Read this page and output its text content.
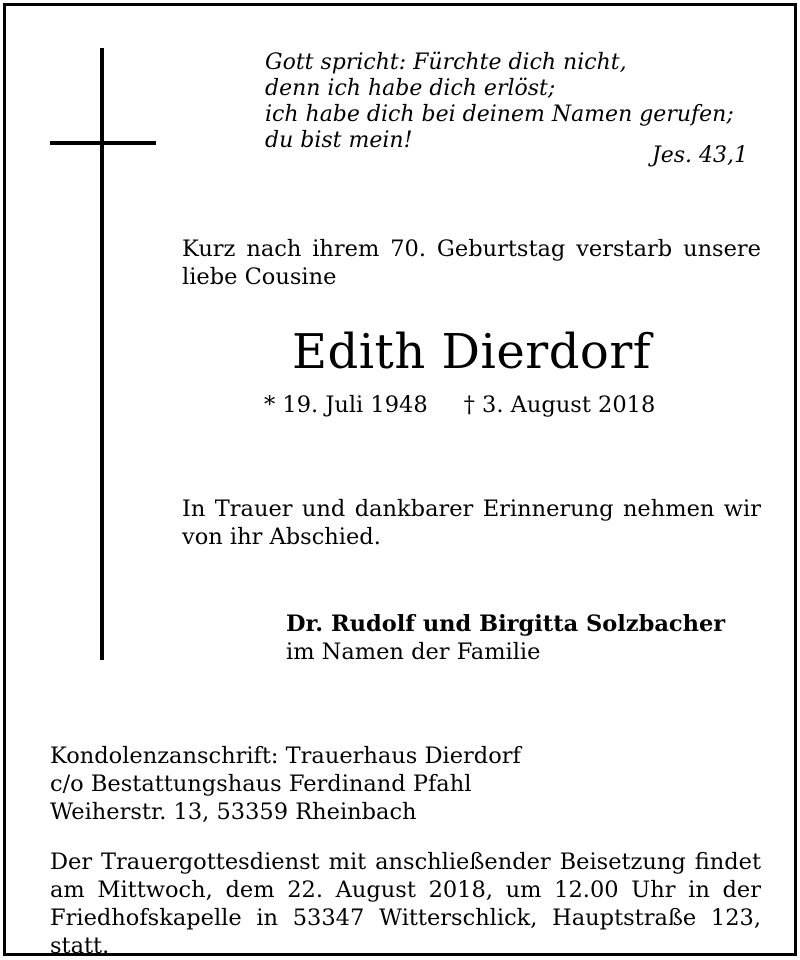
Gott spricht: Fürchte dich nicht,
denn ich habe dich erlöst;
ich habe dich bei deinem Namen gerufen;
du bist mein!
Jes. 43,1
Kurz nach ihrem 70. Geburtstag verstarb unsere liebe Cousine
Edith Dierdorf
* 19. Juli 1948 † 3. August 2018
In Trauer und dankbarer Erinnerung nehmen wir von ihr Abschied.
Dr. Rudolf und Birgitta Solzbacher
im Namen der Familie
Kondolenzanschrift: Trauerhaus Dierdorf
c/o Bestattungshaus Ferdinand Pfahl
Weiherstr. 13, 53359 Rheinbach
Der Trauergottesdienst mit anschließender Beisetzung findet am Mittwoch, dem 22. August 2018, um 12.00 Uhr in der Friedhofskapelle in 53347 Witterschlick, Hauptstraße 123, statt.
